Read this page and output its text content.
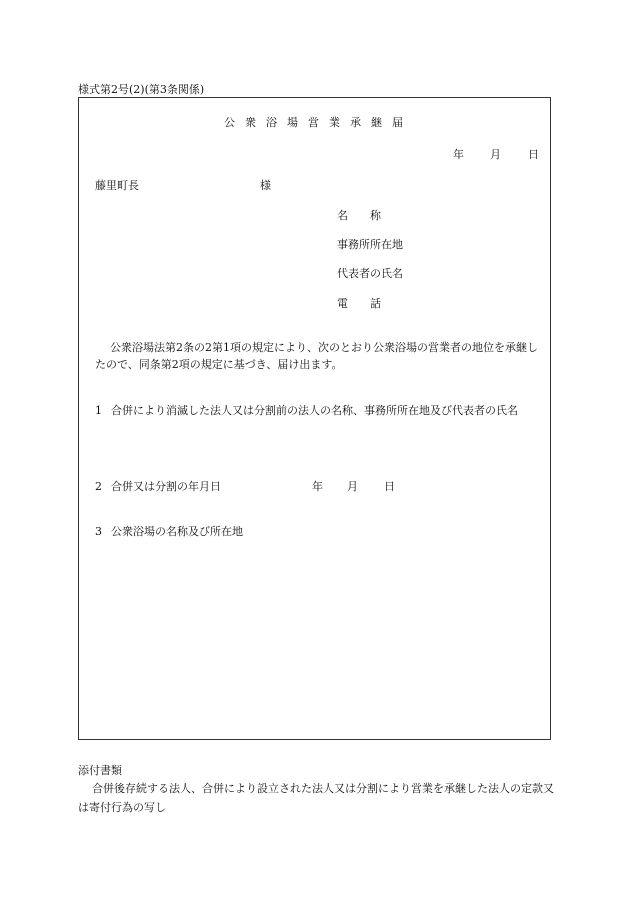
様式第2号(2)(第3条関係)
公衆浴場営業承継届
年 月 日
藤里町長	様
名　　称
事務所所在地
代表者の氏名
電　　話
公衆浴場法第2条の2第1項の規定により、次のとおり公衆浴場の営業者の地位を承継したので、同条第2項の規定に基づき、届け出ます。
1 合併により消滅した法人又は分割前の法人の名称、事務所所在地及び代表者の氏名
2 合併又は分割の年月日	年 月 日
3 公衆浴場の名称及び所在地
添付書類
合併後存続する法人、合併により設立された法人又は分割により営業を承継した法人の定款又は寄付行為の写し
